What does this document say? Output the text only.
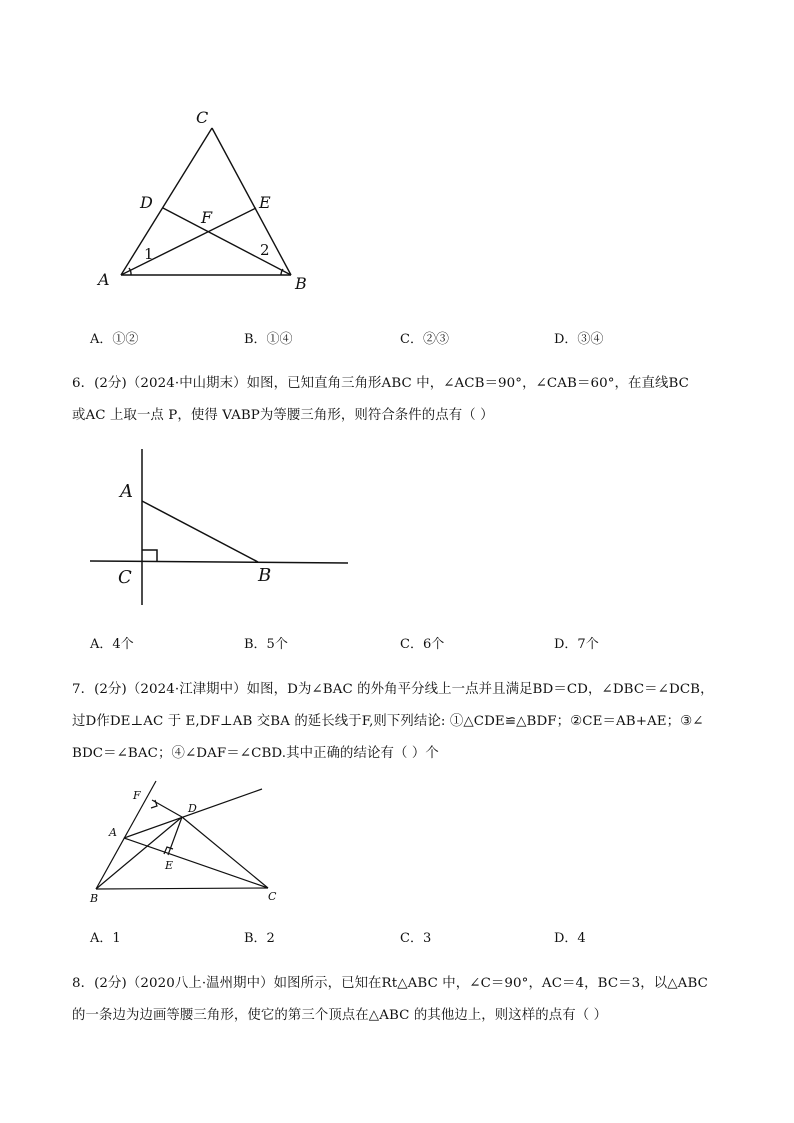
C
D	E
F
A	B
1	2
A．①②	B．①④	C．②③	D．③④
6．(2分)（2024·中山期末）如图，已知直角三角形ABC 中，∠ACB＝90°，∠CAB＝60°，在直线BC
或AC 上取一点 P，使得 VABP为等腰三角形，则符合条件的点有（ ）
A
C	B
A．4个	B．5个	C．6个	D．7个
7．(2分)（2024·江津期中）如图，D为∠BAC 的外角平分线上一点并且满足BD＝CD，∠DBC＝∠DCB，
过D作DE⊥AC 于 E,DF⊥AB 交BA 的延长线于F,则下列结论: ①△CDE≌△BDF；②CE＝AB+AE；③∠
BDC＝∠BAC；④∠DAF＝∠CBD.其中正确的结论有（ ）个
F
D
A
E
B	C
A．1	B．2	C．3	D．4
8．(2分)（2020八上·温州期中）如图所示，已知在Rt△ABC 中，∠C＝90°，AC＝4，BC＝3，以△ABC
的一条边为边画等腰三角形，使它的第三个顶点在△ABC 的其他边上，则这样的点有（ ）
